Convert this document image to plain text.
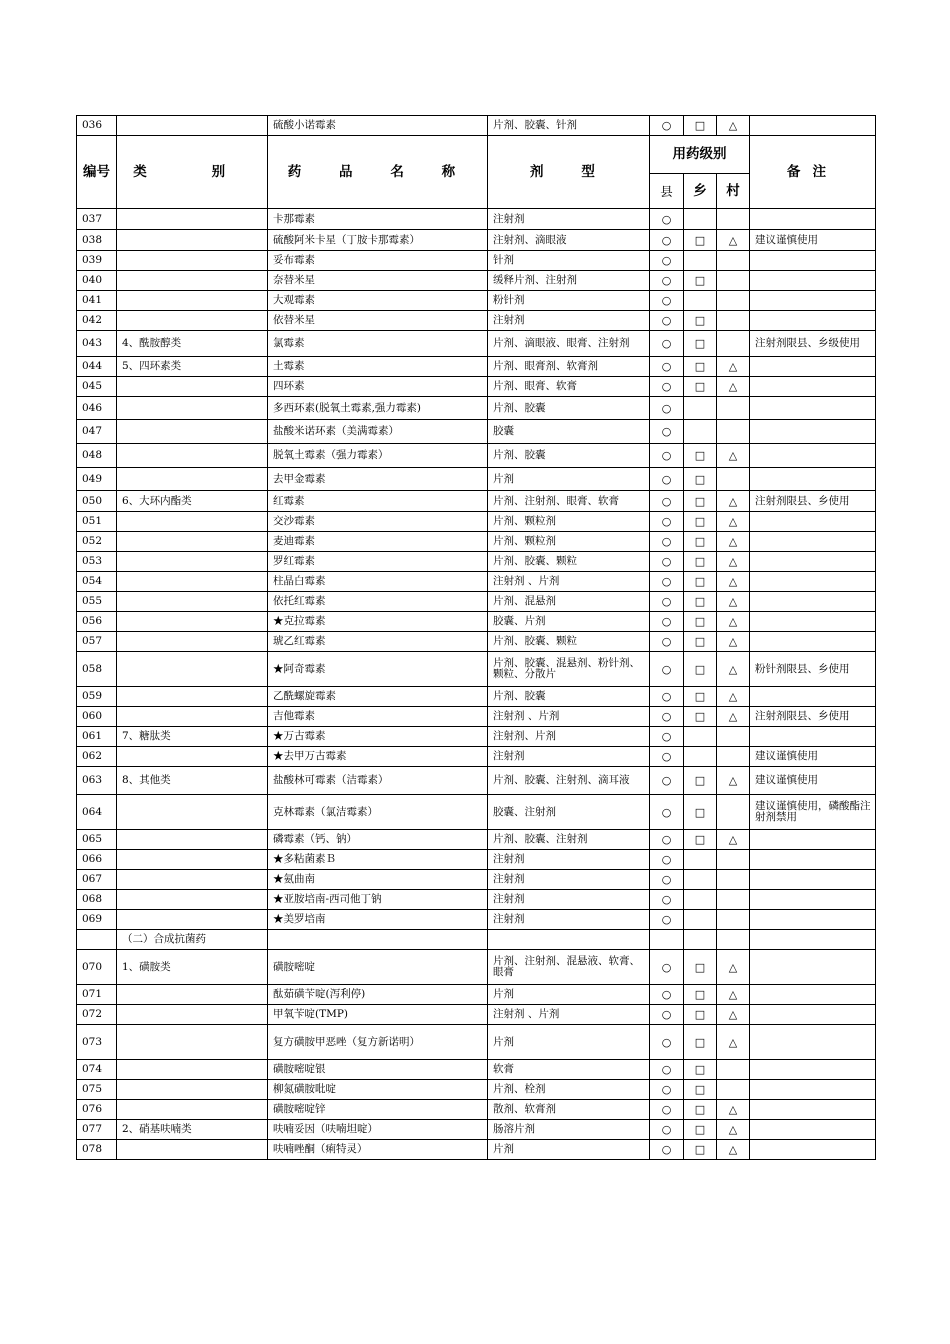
036		硫酸小诺霉素	片剂、胶囊、针剂	○	□	△	
编号	类　别	药　品　名　称	剂　型	用药级别			备注
				县	乡	村	
037		卡那霉素	注射剂	○			
038		硫酸阿米卡星（丁胺卡那霉素）	注射剂、滴眼液	○	□	△	建议谨慎使用
039		妥布霉素	针剂	○			
040		奈替米星	缓释片剂、注射剂	○	□		
041		大观霉素	粉针剂	○			
042		依替米星	注射剂	○	□		
043	4、酰胺醇类	氯霉素	片剂、滴眼液、眼膏、注射剂	○	□		注射剂限县、乡级使用
044	5、四环素类	土霉素	片剂、眼膏剂、软膏剂	○	□	△	
045		四环素	片剂、眼膏、软膏	○	□	△	
046		多西环素(脱氧土霉素,强力霉素)	片剂、胶囊	○			
047		盐酸米诺环素（美满霉素）	胶囊	○			
048		脱氧土霉素（强力霉素）	片剂、胶囊	○	□	△	
049		去甲金霉素	片剂	○	□		
050	6、大环内酯类	红霉素	片剂、注射剂、眼膏、软膏	○	□	△	注射剂限县、乡使用
051		交沙霉素	片剂、颗粒剂	○	□	△	
052		麦迪霉素	片剂、颗粒剂	○	□	△	
053		罗红霉素	片剂、胶囊、颗粒	○	□	△	
054		柱晶白霉素	注射剂 、片剂	○	□	△	
055		依托红霉素	片剂、混悬剂	○	□	△	
056		★克拉霉素	胶囊、片剂	○	□	△	
057		琥乙红霉素	片剂、胶囊、颗粒	○	□	△	
058		★阿奇霉素	片剂、胶囊、混悬剂、粉针剂、颗粒、分散片	○	□	△	粉针剂限县、乡使用
059		乙酰螺旋霉素	片剂、胶囊	○	□	△	
060		吉他霉素	注射剂 、片剂	○	□	△	注射剂限县、乡使用
061	7、糖肽类	★万古霉素	注射剂、片剂	○			
062		★去甲万古霉素	注射剂	○			建议谨慎使用
063	8、其他类	盐酸林可霉素（洁霉素）	片剂、胶囊、注射剂、滴耳液	○	□	△	建议谨慎使用
064		克林霉素（氯洁霉素）	胶囊、注射剂	○	□		建议谨慎使用，磷酸酯注射剂禁用
065		磷霉素（钙、钠）	片剂、胶囊、注射剂	○	□	△	
066		★多粘菌素Ｂ	注射剂	○			
067		★氨曲南	注射剂	○			
068		★亚胺培南-西司他丁钠	注射剂	○			
069		★美罗培南	注射剂	○			
	（二）合成抗菌药						
070	1、磺胺类	磺胺嘧啶	片剂、注射剂、混悬液、软膏、眼膏	○	□	△	
071		酞茹磺苄啶(泻利停)	片剂	○	□	△	
072		甲氧苄啶(TMP)	注射剂 、片剂	○	□	△	
073		复方磺胺甲恶唑（复方新诺明）	片剂	○	□	△	
074		磺胺嘧啶银	软膏	○	□		
075		柳氮磺胺吡啶	片剂、栓剂	○	□		
076		磺胺嘧啶锌	散剂、软膏剂	○	□	△	
077	2、硝基呋喃类	呋喃妥因（呋喃坦啶）	肠溶片剂	○	□	△	
078		呋喃唑酮（痢特灵）	片剂	○	□	△	
